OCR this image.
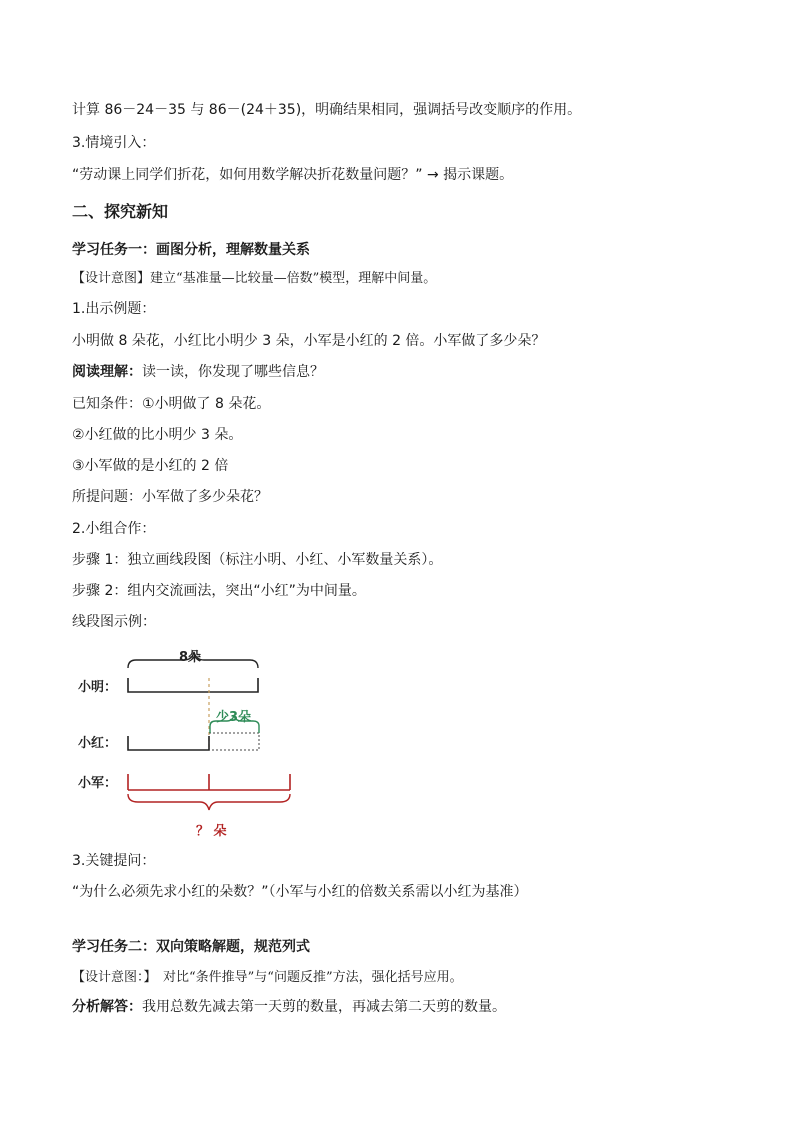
计算 86－24－35 与 86－(24＋35)，明确结果相同，强调括号改变顺序的作用。
3.情境引入：
“劳动课上同学们折花，如何用数学解决折花数量问题？” → 揭示课题。
二、探究新知
学习任务一：画图分析，理解数量关系
【设计意图】建立“基准量—比较量—倍数”模型，理解中间量。
1.出示例题：
小明做 8 朵花，小红比小明少 3 朵，小军是小红的 2 倍。小军做了多少朵？
阅读理解：读一读，你发现了哪些信息？
已知条件：①小明做了 8 朵花。
②小红做的比小明少 3 朵。
③小军做的是小红的 2 倍
所提问题：小军做了多少朵花？
2.小组合作：
步骤 1：独立画线段图（标注小明、小红、小军数量关系）。
步骤 2：组内交流画法，突出“小红”为中间量。
线段图示例：
8朵
小明：
少3朵
小红：
小军：
？ 朵
3.关键提问：
“为什么必须先求小红的朵数？”（小军与小红的倍数关系需以小红为基准）
学习任务二：双向策略解题，规范列式
【设计意图：】　对比“条件推导”与“问题反推”方法，强化括号应用。
分析解答：我用总数先减去第一天剪的数量，再减去第二天剪的数量。
